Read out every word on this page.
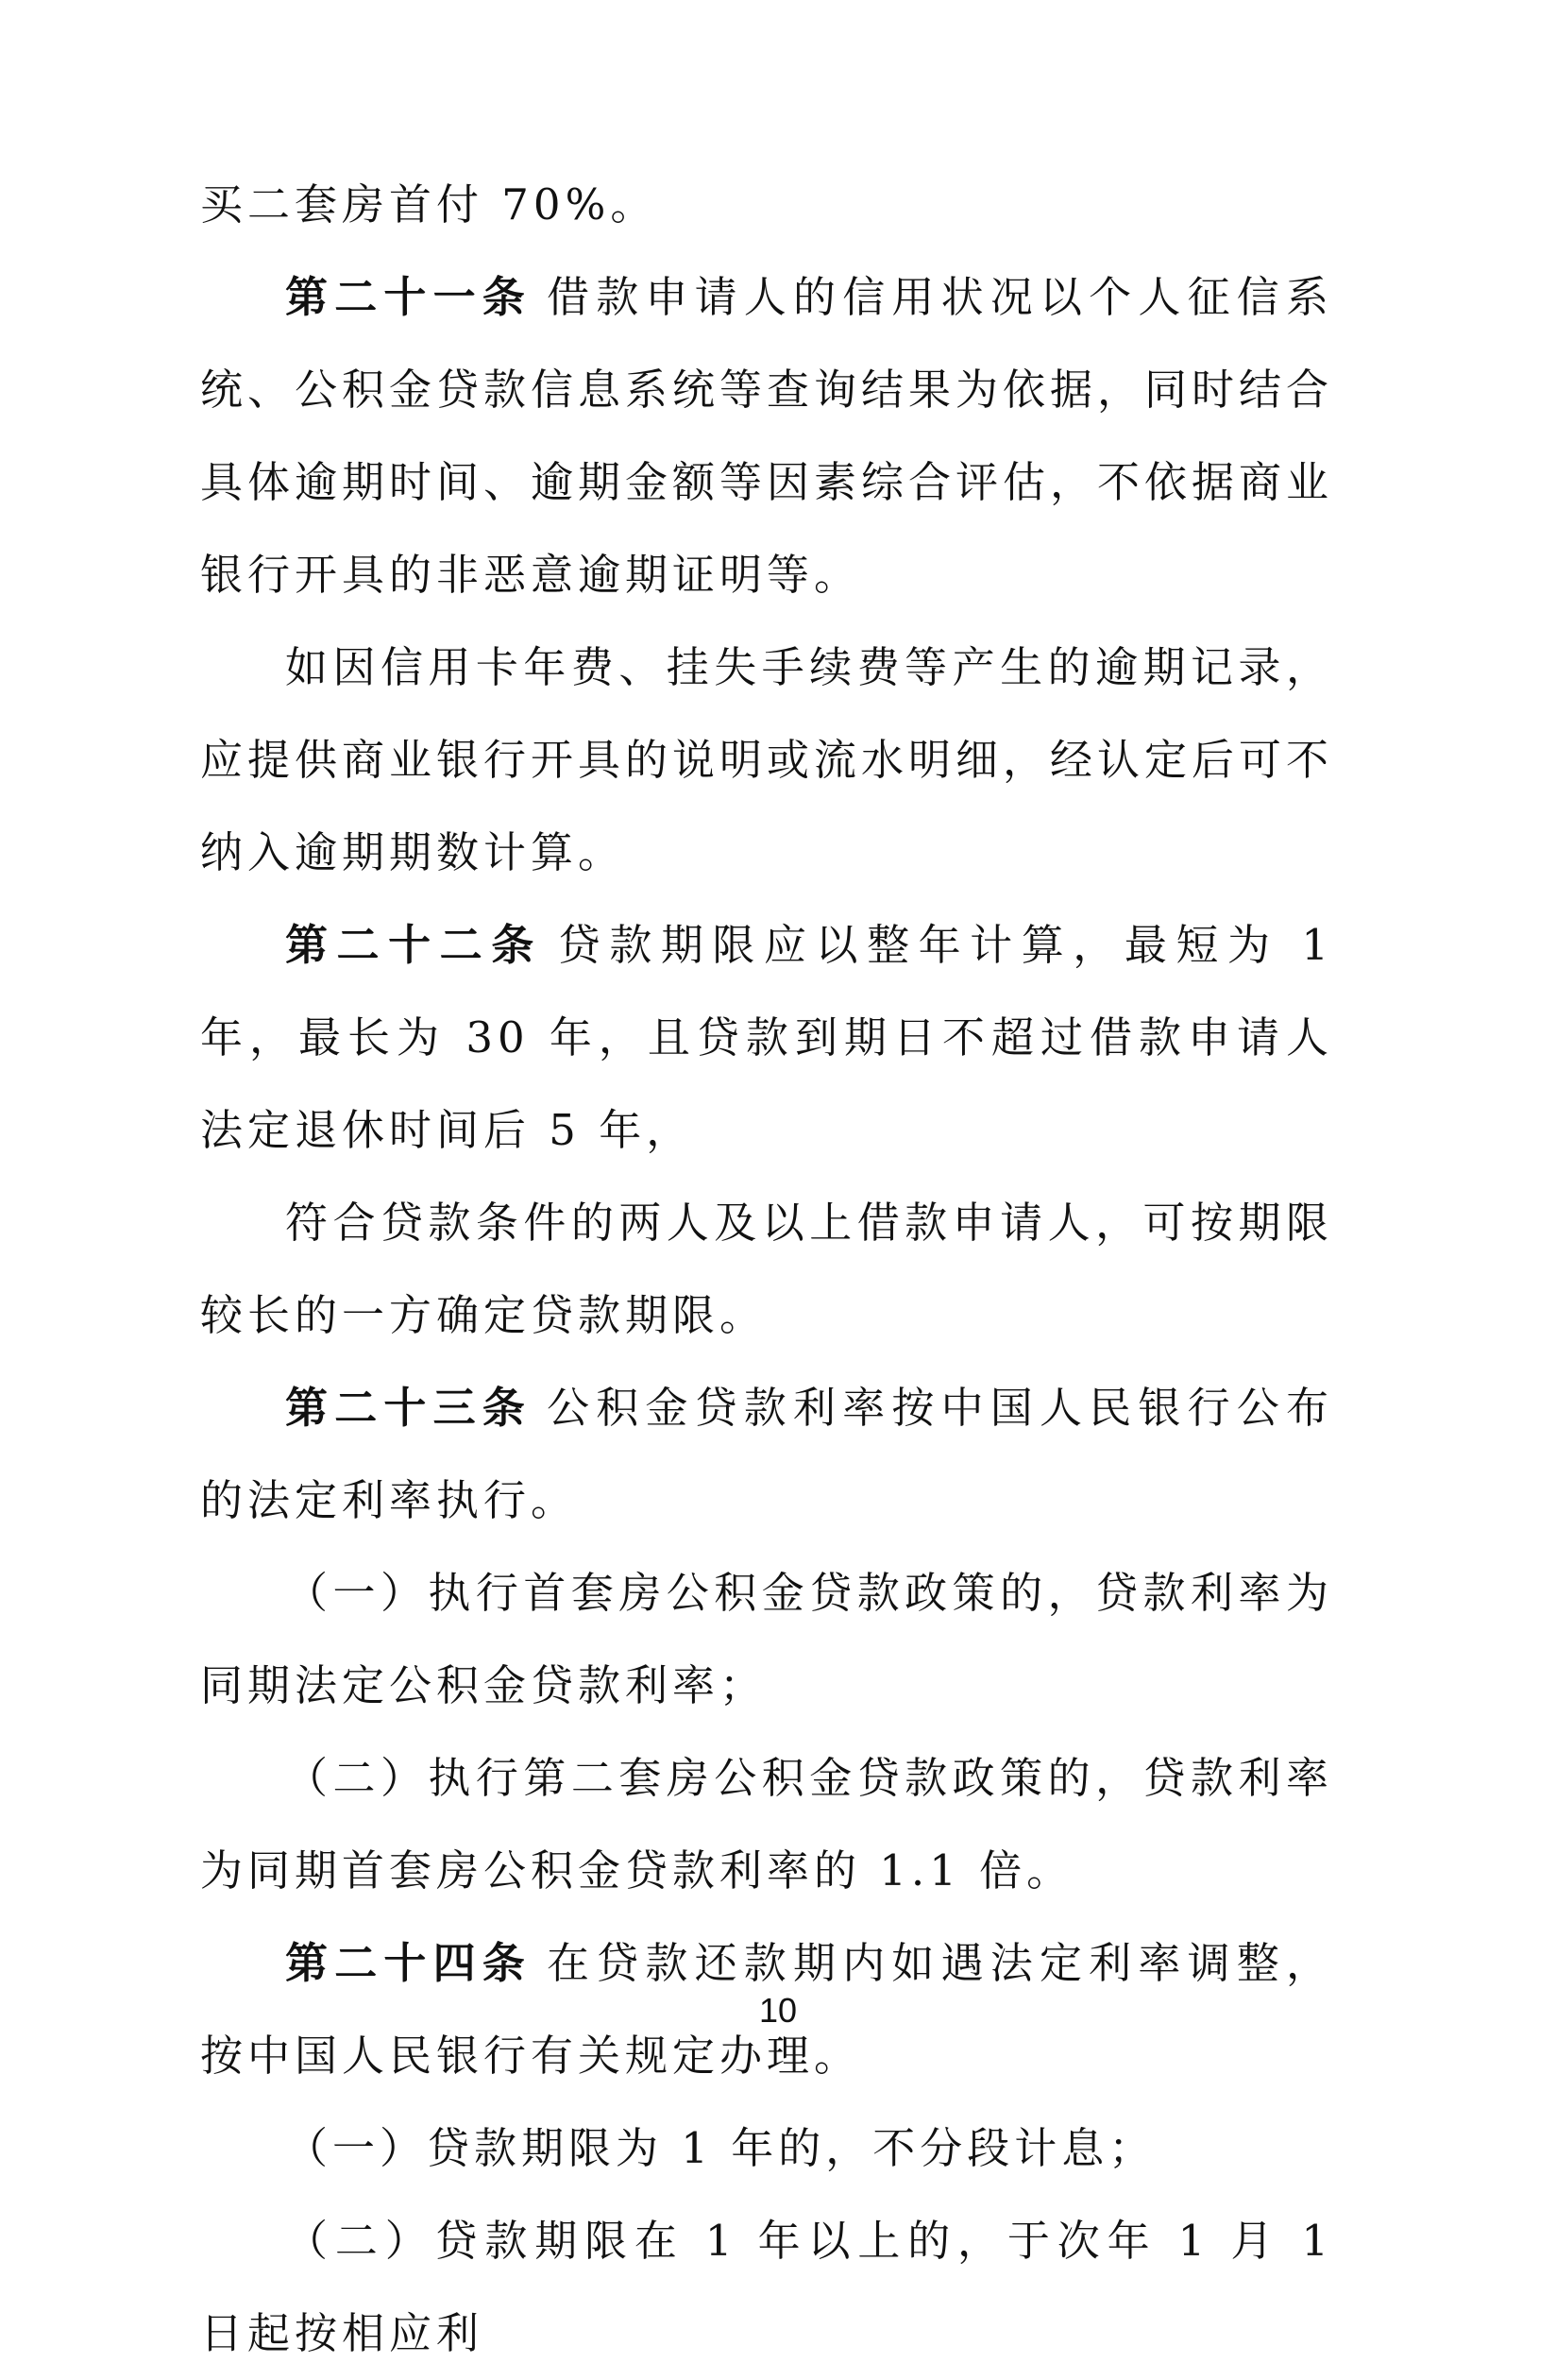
买二套房首付 70%。

第二十一条 借款申请人的信用状况以个人征信系统、公积金贷款信息系统等查询结果为依据，同时结合具体逾期时间、逾期金额等因素综合评估，不依据商业银行开具的非恶意逾期证明等。

如因信用卡年费、挂失手续费等产生的逾期记录，应提供商业银行开具的说明或流水明细，经认定后可不纳入逾期期数计算。

第二十二条 贷款期限应以整年计算，最短为 1 年，最长为 30 年，且贷款到期日不超过借款申请人法定退休时间后 5 年，

符合贷款条件的两人及以上借款申请人，可按期限较长的一方确定贷款期限。

第二十三条 公积金贷款利率按中国人民银行公布的法定利率执行。

（一）执行首套房公积金贷款政策的，贷款利率为同期法定公积金贷款利率；

（二）执行第二套房公积金贷款政策的，贷款利率为同期首套房公积金贷款利率的 1.1 倍。

第二十四条 在贷款还款期内如遇法定利率调整，按中国人民银行有关规定办理。

（一）贷款期限为 1 年的，不分段计息；

（二）贷款期限在 1 年以上的，于次年 1 月 1 日起按相应利

10
